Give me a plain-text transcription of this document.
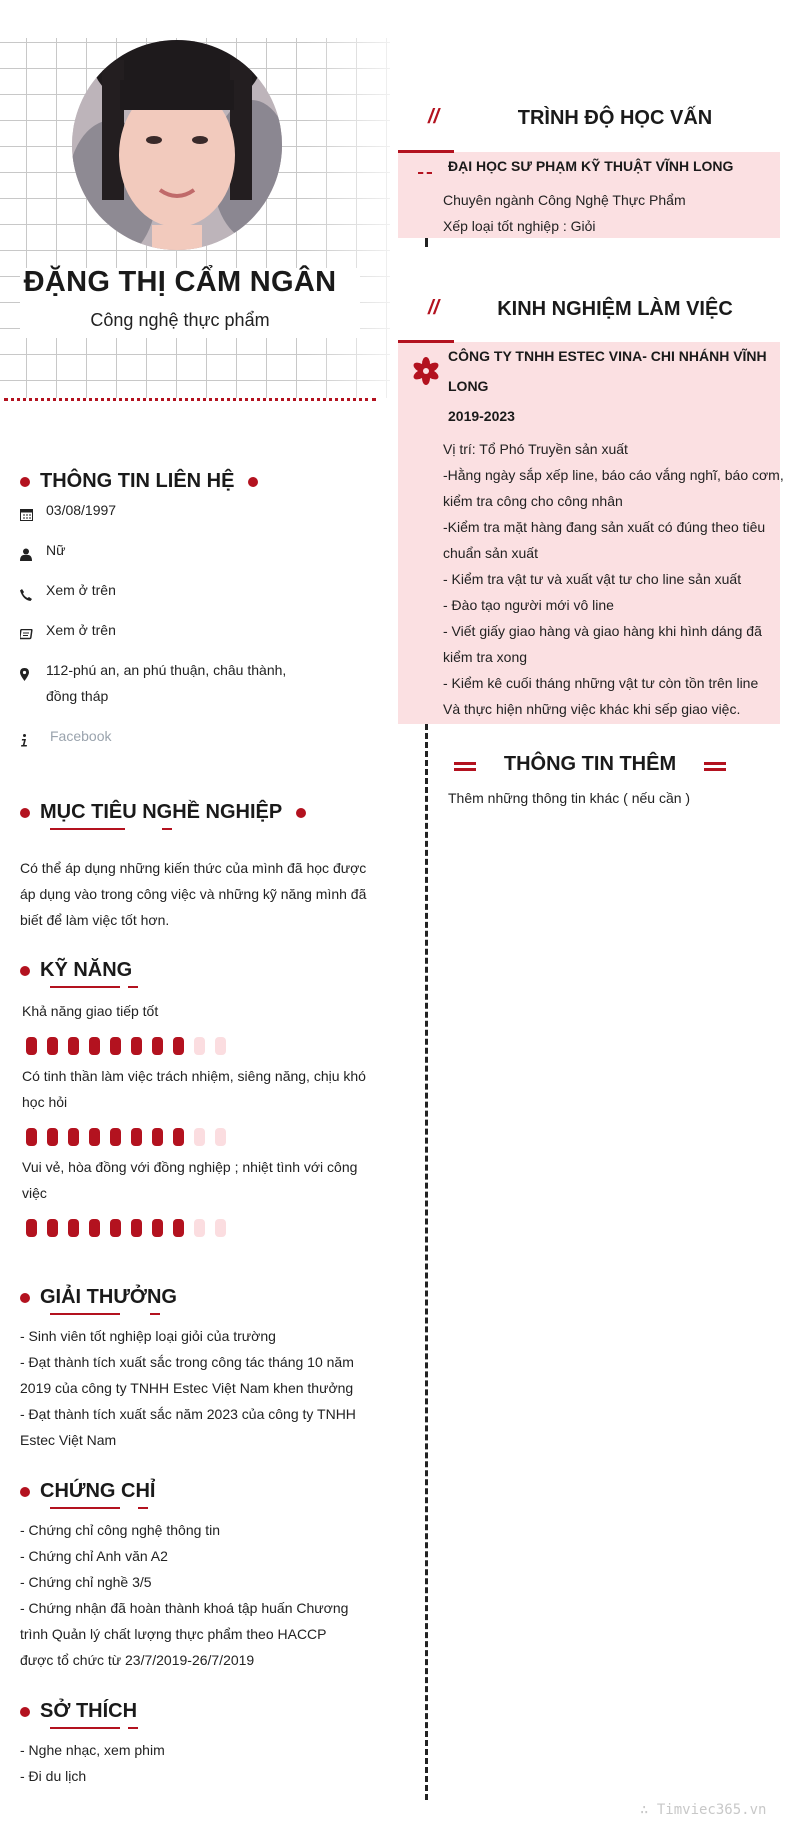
ĐẶNG THỊ CẨM NGÂN
Công nghệ thực phẩm
THÔNG TIN LIÊN HỆ
03/08/1997
Nữ
Xem ở trên
Xem ở trên
112-phú an, an phú thuận, châu thành, đồng tháp
Facebook
MỤC TIÊU NGHỀ NGHIỆP
Có thể áp dụng những kiến thức của mình đã học được áp dụng vào trong công việc và những kỹ năng mình đã biết để làm việc tốt hơn.
KỸ NĂNG
Khả năng giao tiếp tốt
Có tinh thần làm việc trách nhiệm, siêng năng, chịu khó học hỏi
Vui vẻ, hòa đồng với đồng nghiệp ; nhiệt tình với công việc
GIẢI THƯỞNG
- Sinh viên tốt nghiệp loại giỏi của trường
- Đạt thành tích xuất sắc trong công tác tháng 10 năm 2019 của công ty TNHH Estec Việt Nam khen thưởng
- Đạt thành tích xuất sắc năm 2023 của công ty TNHH Estec Việt Nam
CHỨNG CHỈ
- Chứng chỉ công nghệ thông tin
- Chứng chỉ Anh văn A2
- Chứng chỉ nghề 3/5
- Chứng nhận đã hoàn thành khoá tập huấn Chương trình Quản lý chất lượng thực phẩm theo HACCP được tổ chức từ 23/7/2019-26/7/2019
SỞ THÍCH
- Nghe nhạc, xem phim
- Đi du lịch
//	TRÌNH ĐỘ HỌC VẤN
ĐẠI HỌC SƯ PHẠM KỸ THUẬT VĨNH LONG
Chuyên ngành Công Nghệ Thực Phẩm
Xếp loại tốt nghiệp : Giỏi
//	KINH NGHIỆM LÀM VIỆC
CÔNG TY TNHH ESTEC VINA- CHI NHÁNH VĨNH LONG
2019-2023
Vị trí: Tổ Phó Truyền sản xuất
-Hằng ngày sắp xếp line, báo cáo vắng nghĩ, báo cơm, kiểm tra công cho công nhân
-Kiểm tra mặt hàng đang sản xuất có đúng theo tiêu chuẩn sản xuất
- Kiểm tra vật tư và xuất vật tư cho line sản xuất
- Đào tạo người mới vô line
- Viết giấy giao hàng và giao hàng khi hình dáng đã kiểm tra xong
- Kiểm kê cuối tháng những vật tư còn tồn trên line
Và thực hiện những việc khác khi sếp giao việc.
THÔNG TIN THÊM
Thêm những thông tin khác ( nếu cần )
∴ Timviec365.vn
